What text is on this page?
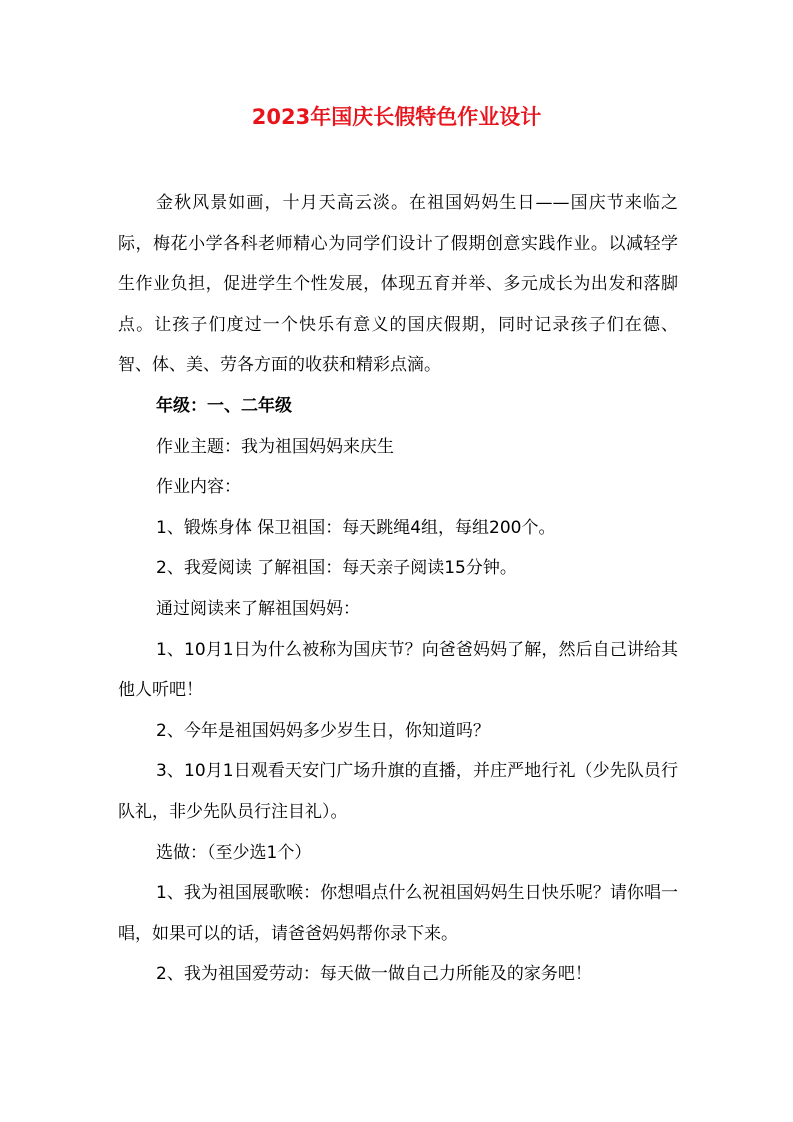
2023年国庆长假特色作业设计

金秋风景如画，十月天高云淡。在祖国妈妈生日——国庆节来临之际，梅花小学各科老师精心为同学们设计了假期创意实践作业。以减轻学生作业负担，促进学生个性发展，体现五育并举、多元成长为出发和落脚点。让孩子们度过一个快乐有意义的国庆假期，同时记录孩子们在德、智、体、美、劳各方面的收获和精彩点滴。

年级：一、二年级

作业主题：我为祖国妈妈来庆生

作业内容：

1、锻炼身体 保卫祖国：每天跳绳4组，每组200个。

2、我爱阅读 了解祖国：每天亲子阅读15分钟。

通过阅读来了解祖国妈妈：

1、10月1日为什么被称为国庆节？向爸爸妈妈了解，然后自己讲给其他人听吧！

2、今年是祖国妈妈多少岁生日，你知道吗？

3、10月1日观看天安门广场升旗的直播，并庄严地行礼（少先队员行队礼，非少先队员行注目礼）。

选做：（至少选1个）

1、我为祖国展歌喉：你想唱点什么祝祖国妈妈生日快乐呢？请你唱一唱，如果可以的话，请爸爸妈妈帮你录下来。

2、我为祖国爱劳动：每天做一做自己力所能及的家务吧！
